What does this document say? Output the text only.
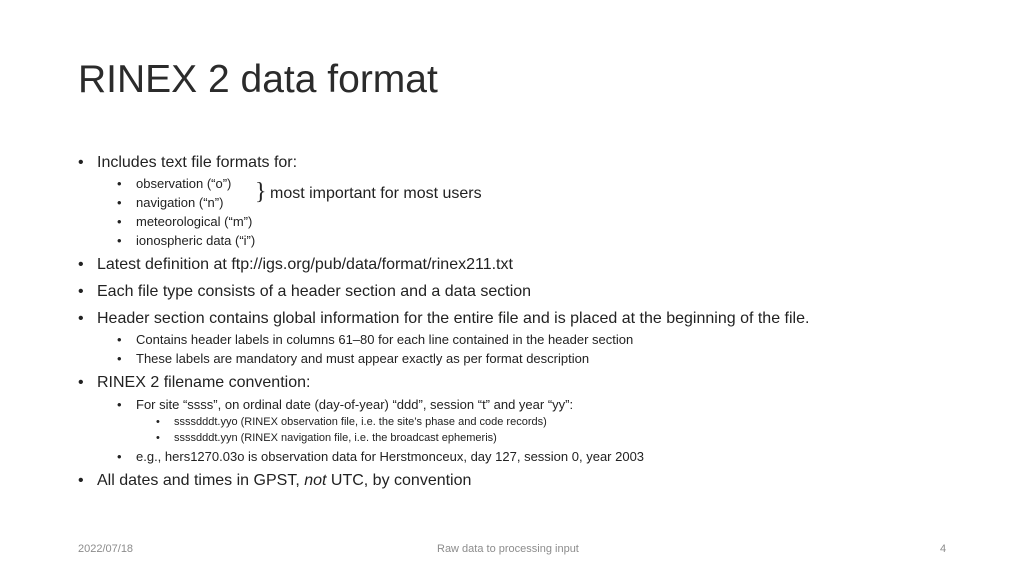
RINEX 2 data format
• Includes text file formats for:
• observation (“o”)
• navigation (“n”) } most important for most users
• meteorological (“m”)
• ionospheric data (“i”)
• Latest definition at ftp://igs.org/pub/data/format/rinex211.txt
• Each file type consists of a header section and a data section
• Header section contains global information for the entire file and is placed at the beginning of the file.
• Contains header labels in columns 61–80 for each line contained in the header section
• These labels are mandatory and must appear exactly as per format description
• RINEX 2 filename convention:
• For site “ssss”, on ordinal date (day-of-year) “ddd”, session “t” and year “yy”:
• ssssdddt.yyo (RINEX observation file, i.e. the site’s phase and code records)
• ssssdddt.yyn (RINEX navigation file, i.e. the broadcast ephemeris)
• e.g., hers1270.03o is observation data for Herstmonceux, day 127, session 0, year 2003
• All dates and times in GPST, not UTC, by convention
2022/07/18	Raw data to processing input	4
